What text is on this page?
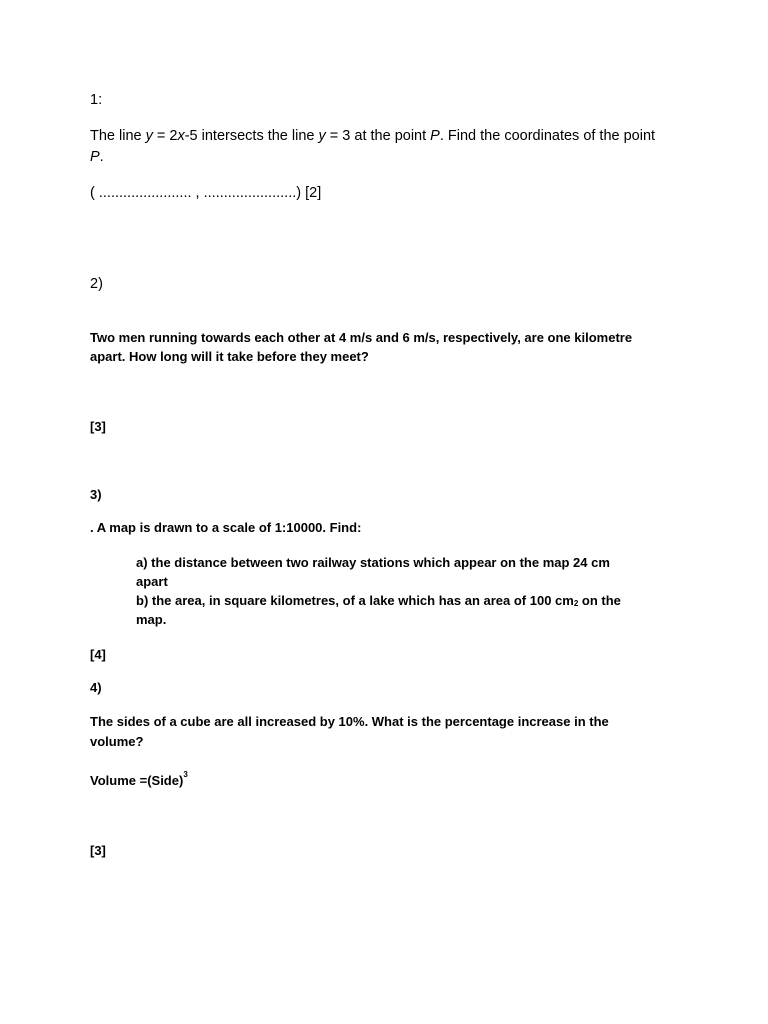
1:
The line y = 2x-5 intersects the line y = 3 at the point P. Find the coordinates of the point
P.
( ....................... , .......................) [2]
2)
Two men running towards each other at 4 m/s and 6 m/s, respectively, are one kilometre
apart. How long will it take before they meet?
[3]
3)
. A map is drawn to a scale of 1:10000. Find:
a) the distance between two railway stations which appear on the map 24 cm
apart
b) the area, in square kilometres, of a lake which has an area of 100 $cm_2$ on the
map.
[4]
4)
The sides of a cube are all increased by 10%. What is the percentage increase in the
volume?
Volume =(Side)$^3$
[3]
